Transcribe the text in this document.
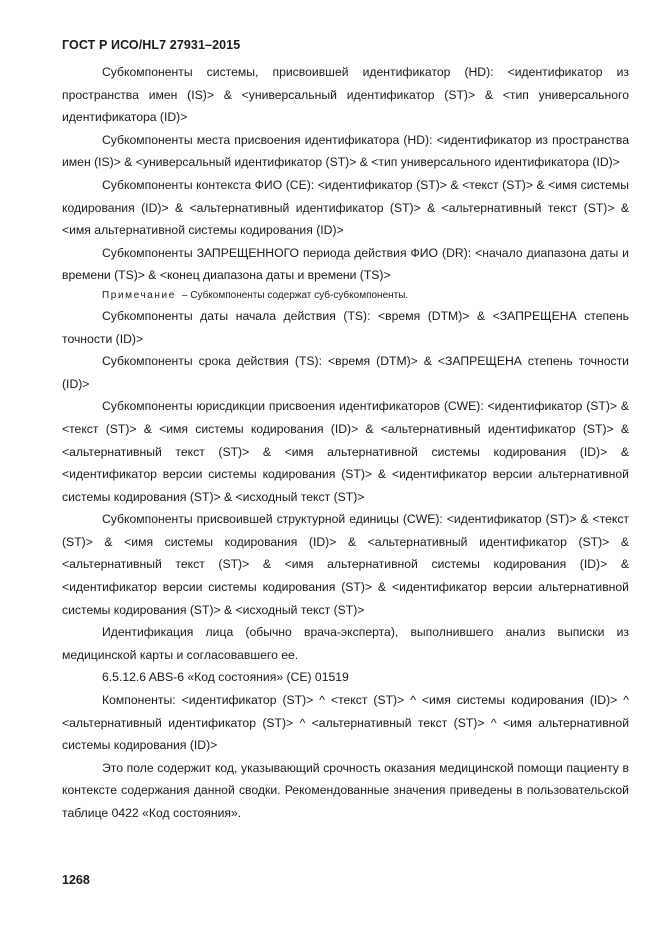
ГОСТ Р ИСО/HL7 27931–2015

Субкомпоненты системы, присвоившей идентификатор (HD): <идентификатор из пространства имен (IS)> & <универсальный идентификатор (ST)> & <тип универсального идентификатора (ID)>

Субкомпоненты места присвоения идентификатора (HD): <идентификатор из пространства имен (IS)> & <универсальный идентификатор (ST)> & <тип универсального идентификатора (ID)>

Субкомпоненты контекста ФИО (CE): <идентификатор (ST)> & <текст (ST)> & <имя системы кодирования (ID)> & <альтернативный идентификатор (ST)> & <альтернативный текст (ST)> & <имя альтернативной системы кодирования (ID)>

Субкомпоненты ЗАПРЕЩЕННОГО периода действия ФИО (DR): <начало диапазона даты и времени (TS)> & <конец диапазона даты и времени (TS)>

Примечание – Субкомпоненты содержат суб-субкомпоненты.

Субкомпоненты даты начала действия (TS): <время (DTM)> & <ЗАПРЕЩЕНА степень точности (ID)>

Субкомпоненты срока действия (TS): <время (DTM)> & <ЗАПРЕЩЕНА степень точности (ID)>

Субкомпоненты юрисдикции присвоения идентификаторов (CWE): <идентификатор (ST)> & <текст (ST)> & <имя системы кодирования (ID)> & <альтернативный идентификатор (ST)> & <альтернативный текст (ST)> & <имя альтернативной системы кодирования (ID)> & <идентификатор версии системы кодирования (ST)> & <идентификатор версии альтернативной системы кодирования (ST)> & <исходный текст (ST)>

Субкомпоненты присвоившей структурной единицы (CWE): <идентификатор (ST)> & <текст (ST)> & <имя системы кодирования (ID)> & <альтернативный идентификатор (ST)> & <альтернативный текст (ST)> & <имя альтернативной системы кодирования (ID)> & <идентификатор версии системы кодирования (ST)> & <идентификатор версии альтернативной системы кодирования (ST)> & <исходный текст (ST)>

Идентификация лица (обычно врача-эксперта), выполнившего анализ выписки из медицинской карты и согласовавшего ее.

6.5.12.6 ABS-6 «Код состояния» (CE) 01519

Компоненты: <идентификатор (ST)> ^ <текст (ST)> ^ <имя системы кодирования (ID)> ^ <альтернативный идентификатор (ST)> ^ <альтернативный текст (ST)> ^ <имя альтернативной системы кодирования (ID)>

Это поле содержит код, указывающий срочность оказания медицинской помощи пациенту в контексте содержания данной сводки. Рекомендованные значения приведены в пользовательской таблице 0422 «Код состояния».

1268
